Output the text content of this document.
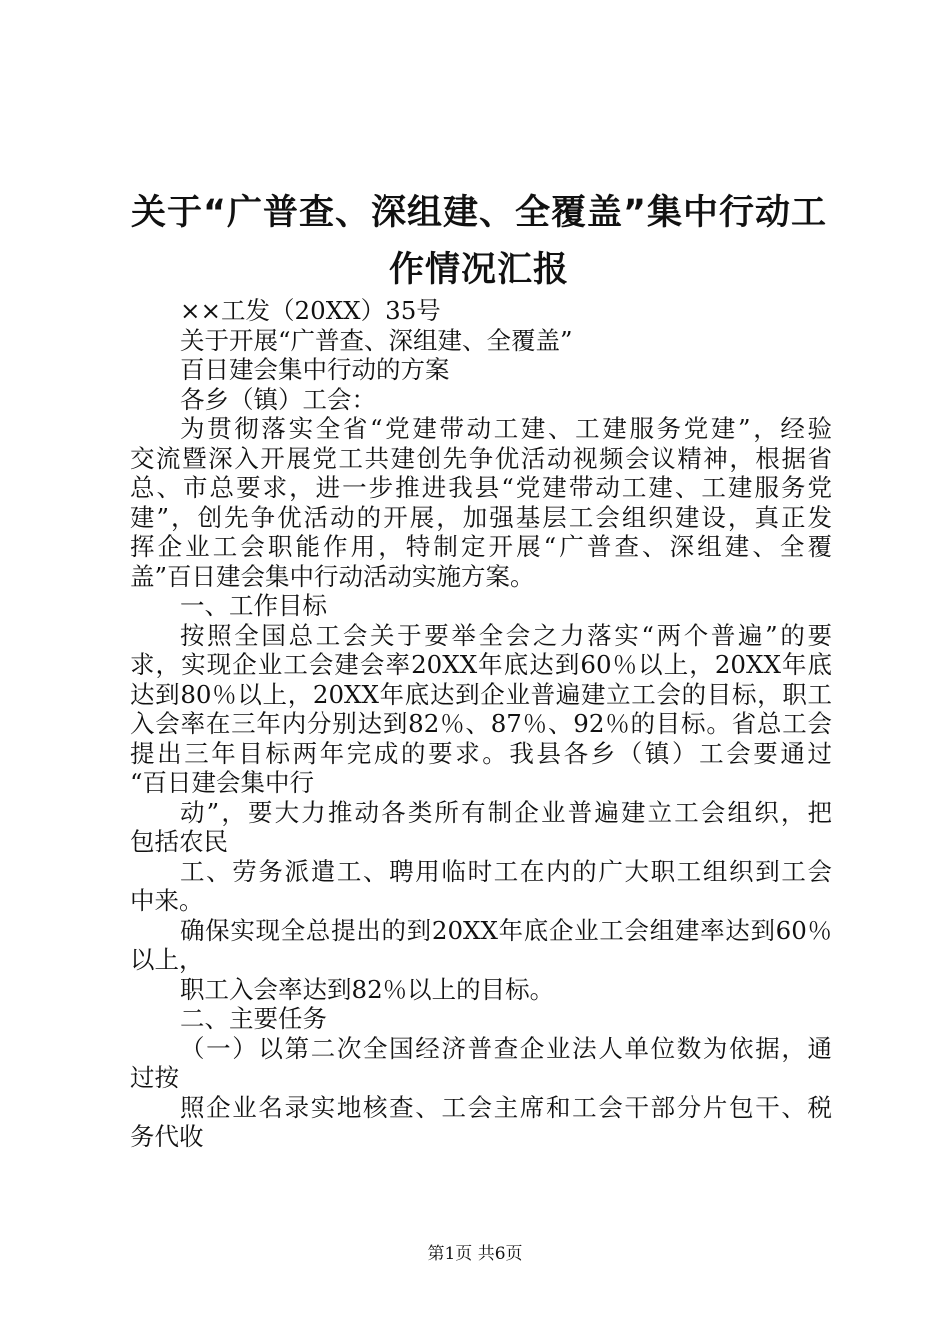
关于“广普查、深组建、全覆盖”集中行动工
作情况汇报
××工发（20XX）35号
关于开展“广普查、深组建、全覆盖”
百日建会集中行动的方案
各乡（镇）工会：
为贯彻落实全省“党建带动工建、工建服务党建”，经验
交流暨深入开展党工共建创先争优活动视频会议精神，根据省
总、市总要求，进一步推进我县“党建带动工建、工建服务党
建”，创先争优活动的开展，加强基层工会组织建设，真正发
挥企业工会职能作用，特制定开展“广普查、深组建、全覆
盖”百日建会集中行动活动实施方案。
一、工作目标
按照全国总工会关于要举全会之力落实“两个普遍”的要
求，实现企业工会建会率20XX年底达到60％以上，20XX年底
达到80％以上，20XX年底达到企业普遍建立工会的目标，职工
入会率在三年内分别达到82％、87％、92％的目标。省总工会
提出三年目标两年完成的要求。我县各乡（镇）工会要通过
“百日建会集中行
动”，要大力推动各类所有制企业普遍建立工会组织，把
包括农民
工、劳务派遣工、聘用临时工在内的广大职工组织到工会
中来。
确保实现全总提出的到20XX年底企业工会组建率达到60％
以上，
职工入会率达到82％以上的目标。
二、主要任务
（一）以第二次全国经济普查企业法人单位数为依据，通
过按
照企业名录实地核查、工会主席和工会干部分片包干、税
务代收
第1页 共6页
